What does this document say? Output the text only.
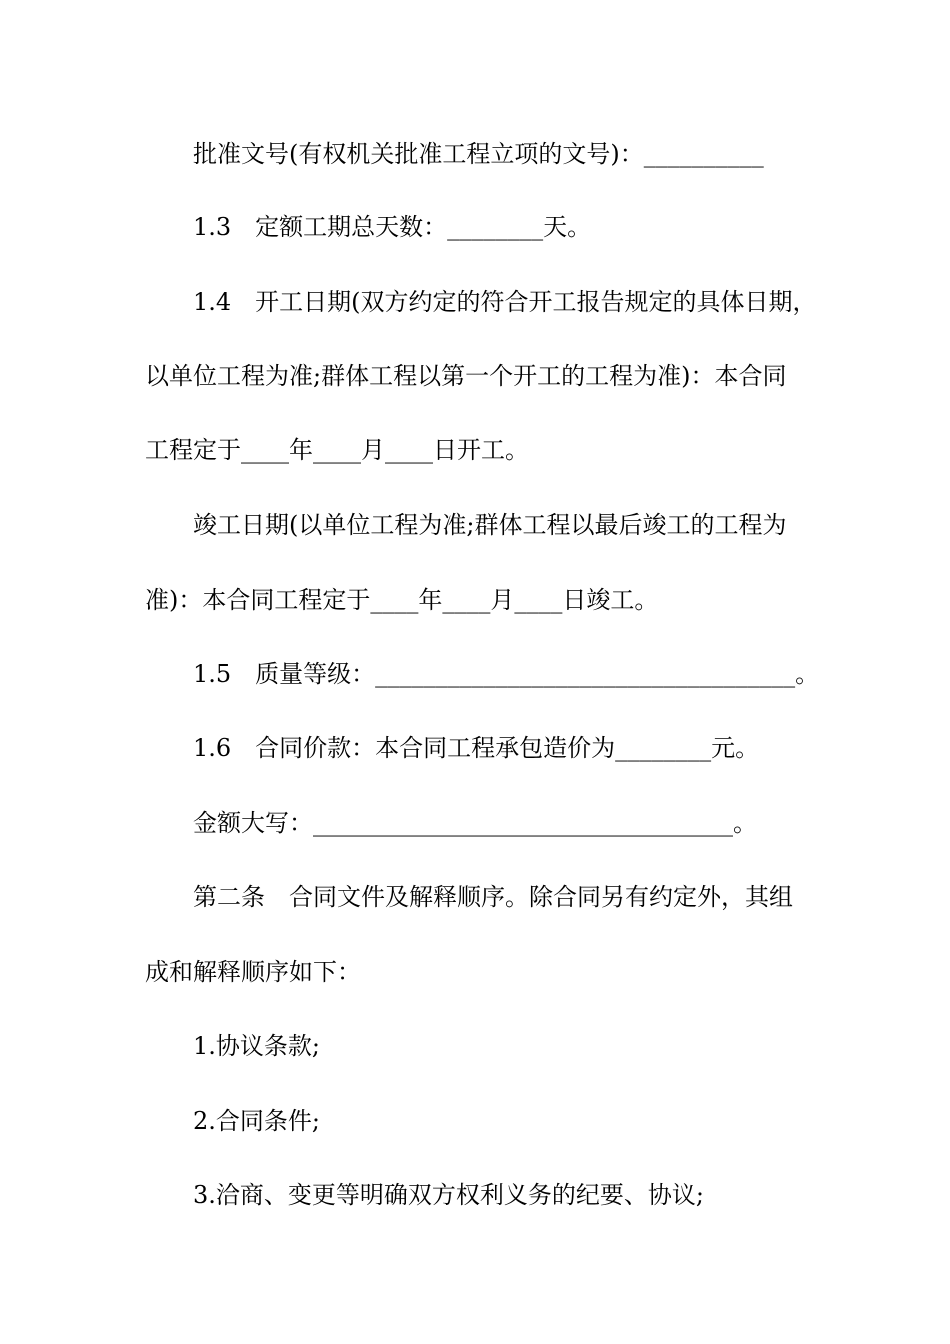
批准文号(有权机关批准工程立项的文号)：__________
1.3　定额工期总天数：________天。
1.4　开工日期(双方约定的符合开工报告规定的具体日期，
以单位工程为准;群体工程以第一个开工的工程为准)：本合同
工程定于____年____月____日开工。
竣工日期(以单位工程为准;群体工程以最后竣工的工程为
准)：本合同工程定于____年____月____日竣工。
1.5　质量等级：___________________________________。
1.6　合同价款：本合同工程承包造价为________元。
金额大写：___________________________________。
第二条　合同文件及解释顺序。除合同另有约定外，其组
成和解释顺序如下：
1.协议条款;
2.合同条件;
3.洽商、变更等明确双方权利义务的纪要、协议;
